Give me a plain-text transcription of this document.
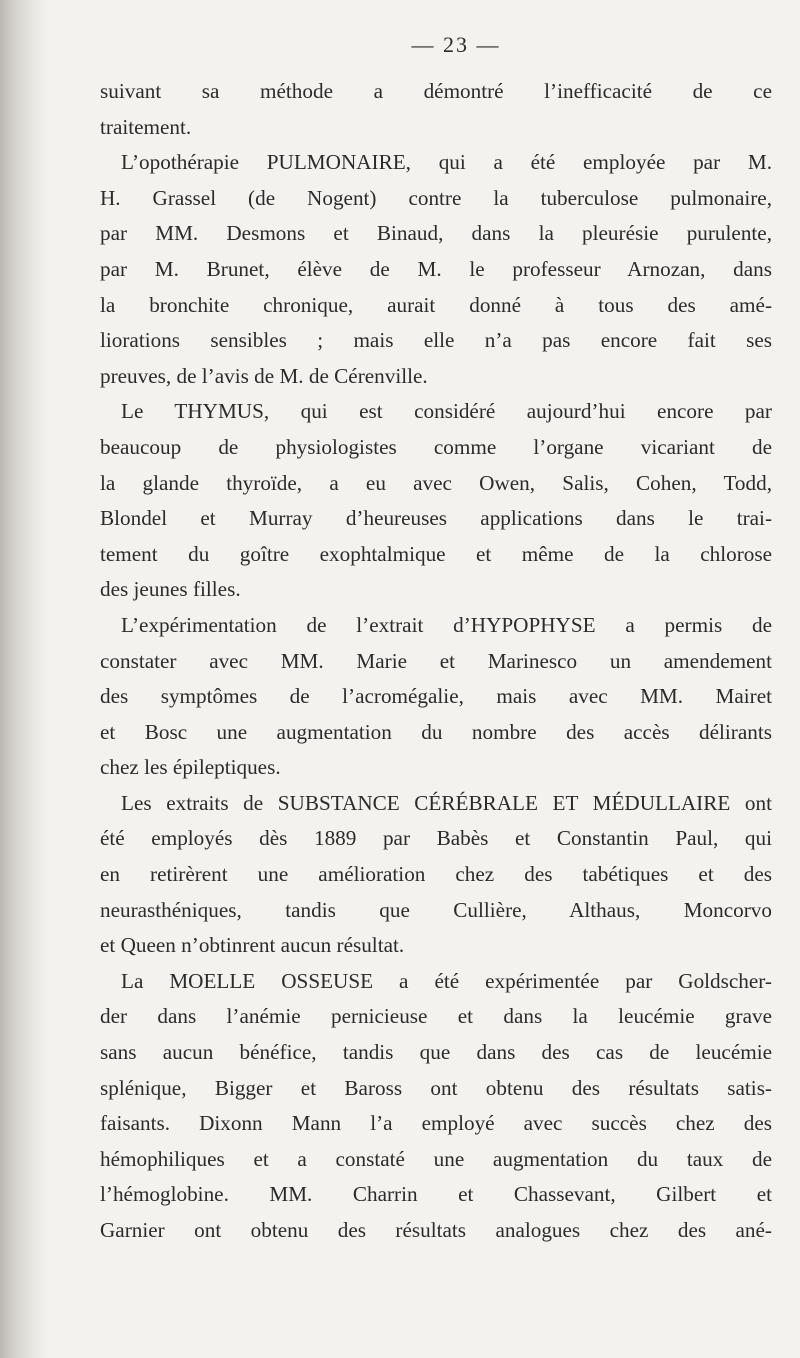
— 23 —
suivant sa méthode a démontré l’inefficacité de ce
traitement.
L’opothérapie PULMONAIRE, qui a été employée par M.
H. Grassel (de Nogent) contre la tuberculose pulmonaire,
par MM. Desmons et Binaud, dans la pleurésie purulente,
par M. Brunet, élève de M. le professeur Arnozan, dans
la bronchite chronique, aurait donné à tous des amé-
liorations sensibles ; mais elle n’a pas encore fait ses
preuves, de l’avis de M. de Cérenville.
Le THYMUS, qui est considéré aujourd’hui encore par
beaucoup de physiologistes comme l’organe vicariant de
la glande thyroïde, a eu avec Owen, Salis, Cohen, Todd,
Blondel et Murray d’heureuses applications dans le trai-
tement du goître exophtalmique et même de la chlorose
des jeunes filles.
L’expérimentation de l’extrait d’HYPOPHYSE a permis de
constater avec MM. Marie et Marinesco un amendement
des symptômes de l’acromégalie, mais avec MM. Mairet
et Bosc une augmentation du nombre des accès délirants
chez les épileptiques.
Les extraits de SUBSTANCE CÉRÉBRALE ET MÉDULLAIRE ont
été employés dès 1889 par Babès et Constantin Paul, qui
en retirèrent une amélioration chez des tabétiques et des
neurasthéniques, tandis que Cullière, Althaus, Moncorvo
et Queen n’obtinrent aucun résultat.
La MOELLE OSSEUSE a été expérimentée par Goldscher-
der dans l’anémie pernicieuse et dans la leucémie grave
sans aucun bénéfice, tandis que dans des cas de leucémie
splénique, Bigger et Baross ont obtenu des résultats satis-
faisants. Dixonn Mann l’a employé avec succès chez des
hémophiliques et a constaté une augmentation du taux de
l’hémoglobine. MM. Charrin et Chassevant, Gilbert et
Garnier ont obtenu des résultats analogues chez des ané-
